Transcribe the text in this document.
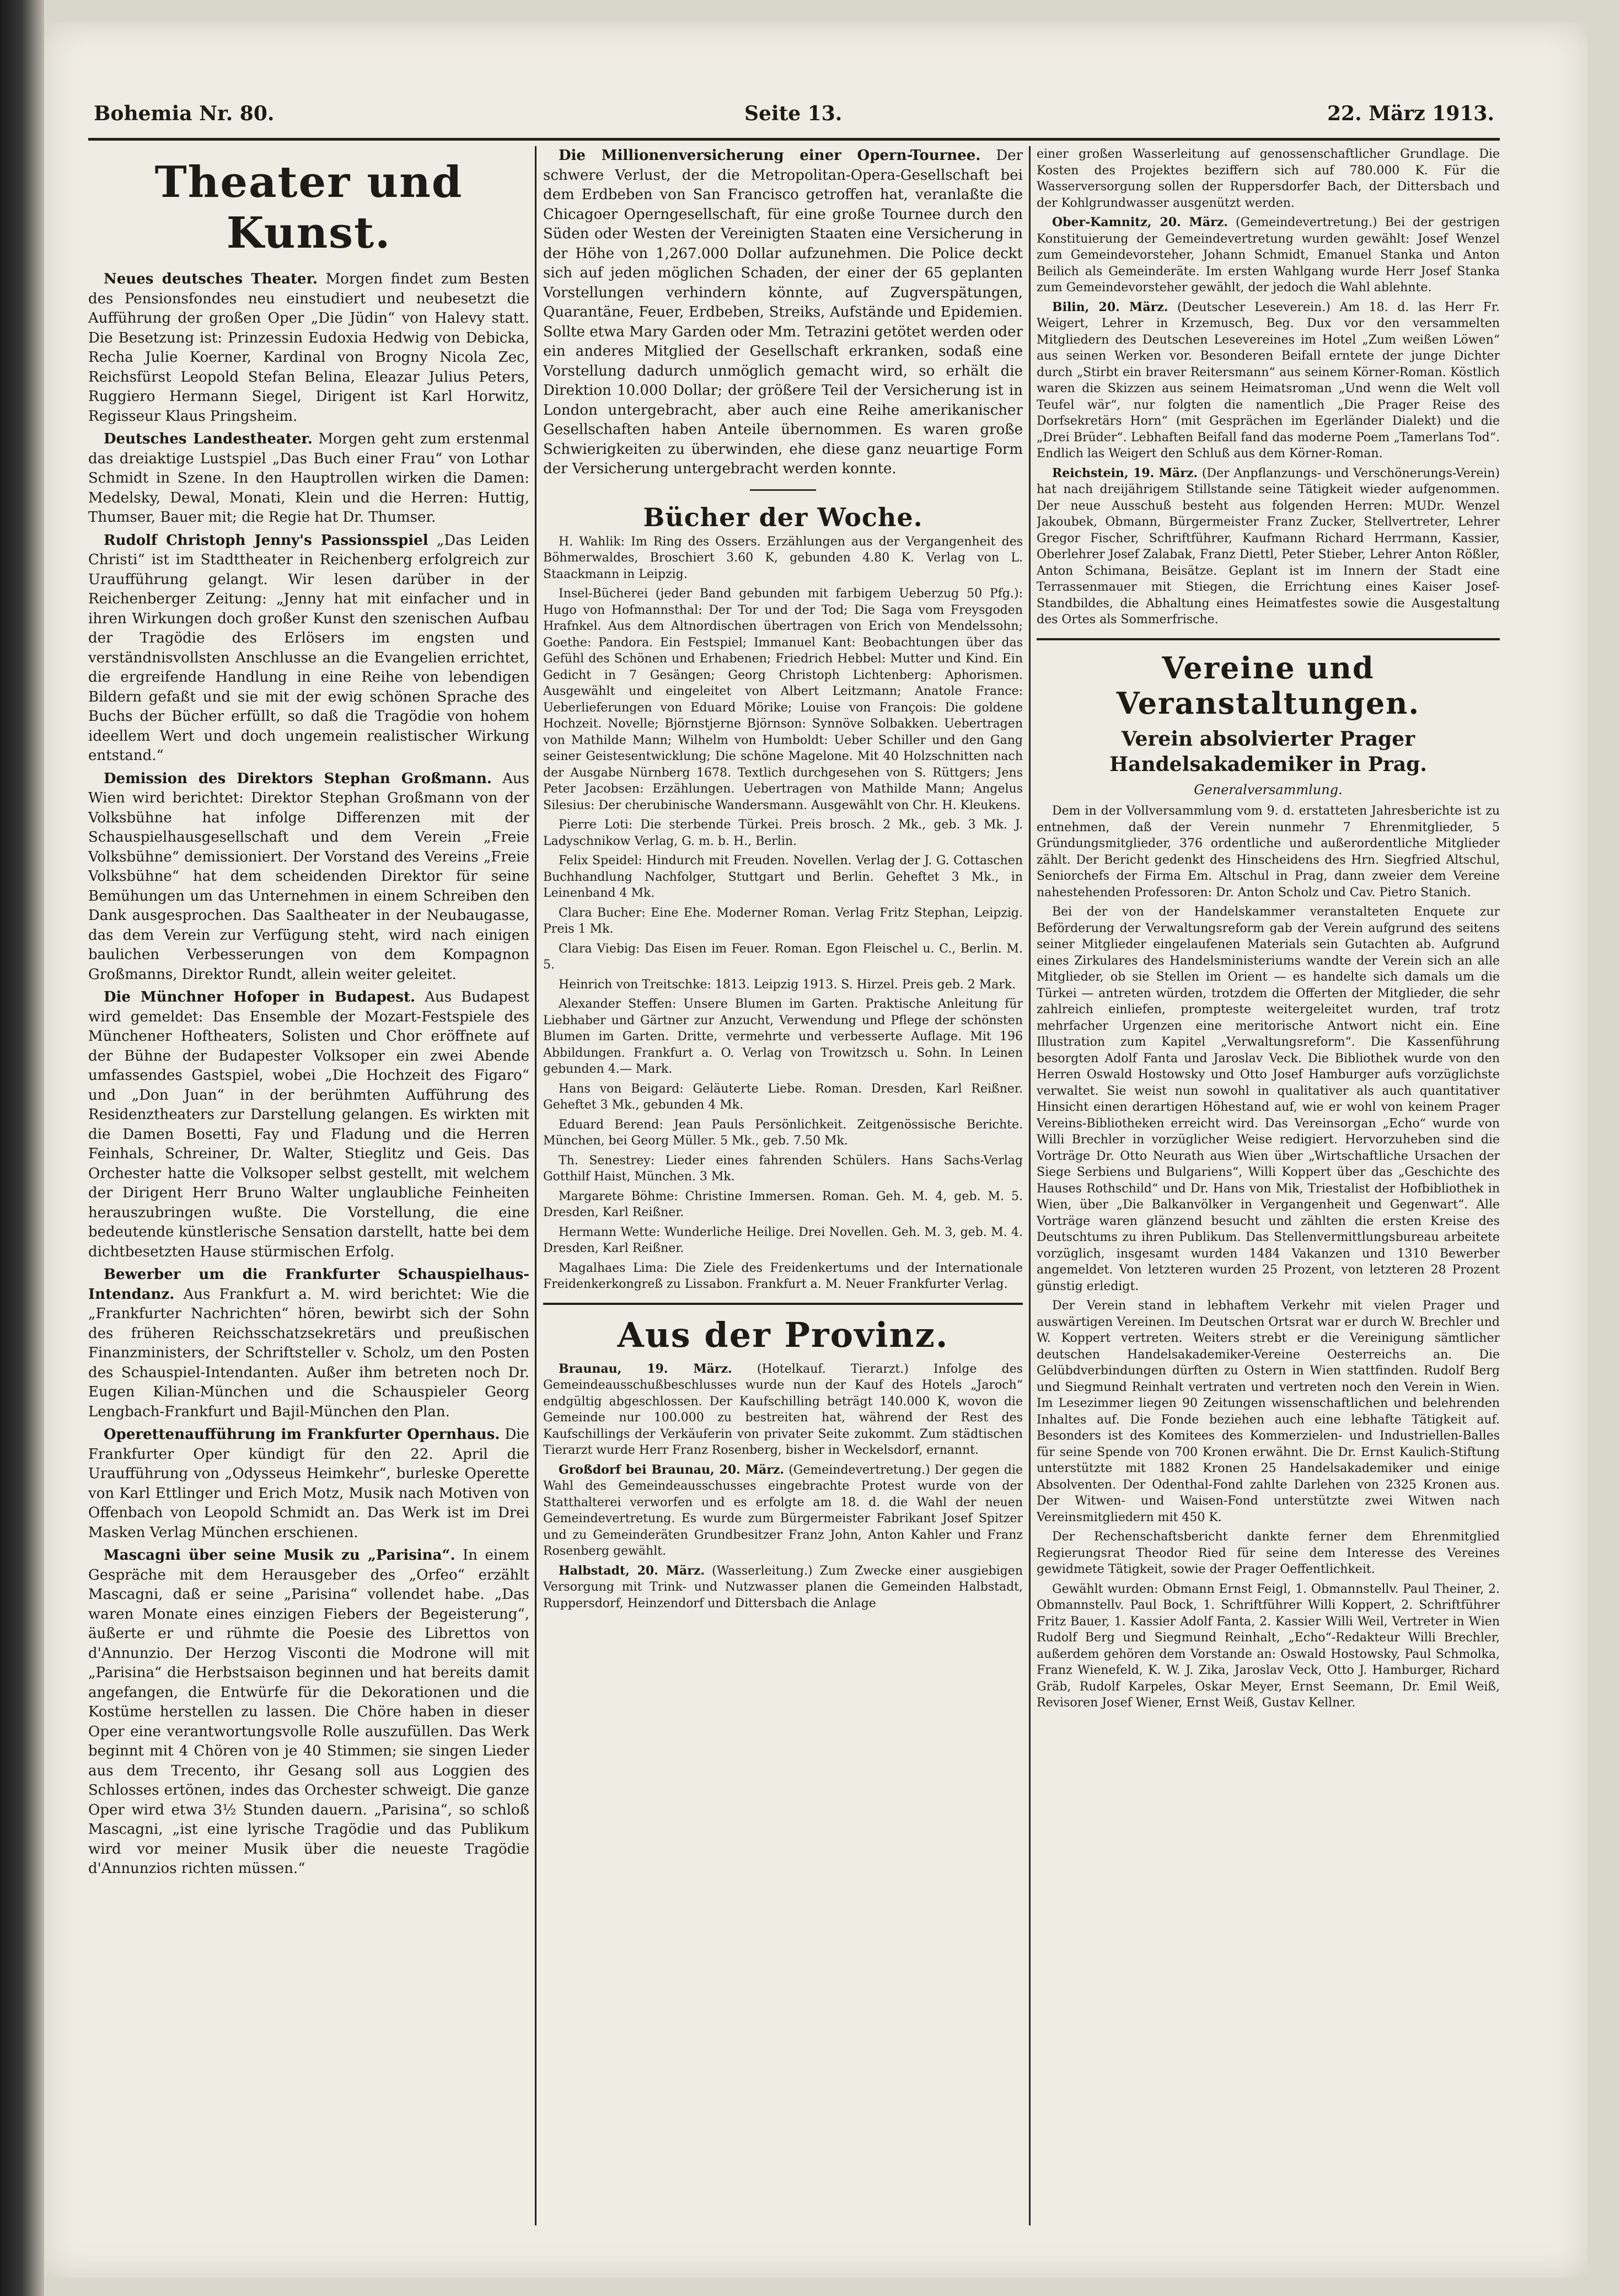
Bohemia Nr. 80.	Seite 13.	22. März 1913.
Theater und Kunst.
Neues deutsches Theater. Morgen findet zum Besten des Pensionsfondes neu einstudiert und neubesetzt die Aufführung der großen Oper „Die Jüdin“ von Halevy statt. Die Besetzung ist: Prinzessin Eudoxia Hedwig von Debicka, Recha Julie Koerner, Kardinal von Brogny Nicola Zec, Reichsfürst Leopold Stefan Belina, Eleazar Julius Peters, Ruggiero Hermann Siegel, Dirigent ist Karl Horwitz, Regisseur Klaus Pringsheim.
Deutsches Landestheater. Morgen geht zum erstenmal das dreiaktige Lustspiel „Das Buch einer Frau“ von Lothar Schmidt in Szene. In den Hauptrollen wirken die Damen: Medelsky, Dewal, Monati, Klein und die Herren: Huttig, Thumser, Bauer mit; die Regie hat Dr. Thumser.
Rudolf Christoph Jenny's Passionsspiel „Das Leiden Christi“ ist im Stadttheater in Reichenberg erfolgreich zur Uraufführung gelangt. Wir lesen darüber in der Reichenberger Zeitung: „Jenny hat mit einfacher und in ihren Wirkungen doch großer Kunst den szenischen Aufbau der Tragödie des Erlösers im engsten und verständnisvollsten Anschlusse an die Evangelien errichtet, die ergreifende Handlung in eine Reihe von lebendigen Bildern gefaßt und sie mit der ewig schönen Sprache des Buchs der Bücher erfüllt, so daß die Tragödie von hohem ideellem Wert und doch ungemein realistischer Wirkung entstand.“
Demission des Direktors Stephan Großmann. Aus Wien wird berichtet: Direktor Stephan Großmann von der Volksbühne hat infolge Differenzen mit der Schauspielhausgesellschaft und dem Verein „Freie Volksbühne“ demissioniert. Der Vorstand des Vereins „Freie Volksbühne“ hat dem scheidenden Direktor für seine Bemühungen um das Unternehmen in einem Schreiben den Dank ausgesprochen. Das Saaltheater in der Neubaugasse, das dem Verein zur Verfügung steht, wird nach einigen baulichen Verbesserungen von dem Kompagnon Großmanns, Direktor Rundt, allein weiter geleitet.
Die Münchner Hofoper in Budapest. Aus Budapest wird gemeldet: Das Ensemble der Mozart-Festspiele des Münchener Hoftheaters, Solisten und Chor eröffnete auf der Bühne der Budapester Volksoper ein zwei Abende umfassendes Gastspiel, wobei „Die Hochzeit des Figaro“ und „Don Juan“ in der berühmten Aufführung des Residenztheaters zur Darstellung gelangen. Es wirkten mit die Damen Bosetti, Fay und Fladung und die Herren Feinhals, Schreiner, Dr. Walter, Stieglitz und Geis. Das Orchester hatte die Volksoper selbst gestellt, mit welchem der Dirigent Herr Bruno Walter unglaubliche Feinheiten herauszubringen wußte. Die Vorstellung, die eine bedeutende künstlerische Sensation darstellt, hatte bei dem dichtbesetzten Hause stürmischen Erfolg.
Bewerber um die Frankfurter Schauspielhaus-Intendanz. Aus Frankfurt a. M. wird berichtet: Wie die „Frankfurter Nachrichten“ hören, bewirbt sich der Sohn des früheren Reichsschatzsekretärs und preußischen Finanzministers, der Schriftsteller v. Scholz, um den Posten des Schauspiel-Intendanten. Außer ihm betreten noch Dr. Eugen Kilian-München und die Schauspieler Georg Lengbach-Frankfurt und Bajil-München den Plan.
Operettenaufführung im Frankfurter Opernhaus. Die Frankfurter Oper kündigt für den 22. April die Uraufführung von „Odysseus Heimkehr“, burleske Operette von Karl Ettlinger und Erich Motz, Musik nach Motiven von Offenbach von Leopold Schmidt an. Das Werk ist im Drei Masken Verlag München erschienen.
Mascagni über seine Musik zu „Parisina“. In einem Gespräche mit dem Herausgeber des „Orfeo“ erzählt Mascagni, daß er seine „Parisina“ vollendet habe. „Das waren Monate eines einzigen Fiebers der Begeisterung“, äußerte er und rühmte die Poesie des Librettos von d'Annunzio. Der Herzog Visconti die Modrone will mit „Parisina“ die Herbstsaison beginnen und hat bereits damit angefangen, die Entwürfe für die Dekorationen und die Kostüme herstellen zu lassen. Die Chöre haben in dieser Oper eine verantwortungsvolle Rolle auszufüllen. Das Werk beginnt mit 4 Chören von je 40 Stimmen; sie singen Lieder aus dem Trecento, ihr Gesang soll aus Loggien des Schlosses ertönen, indes das Orchester schweigt. Die ganze Oper wird etwa 3½ Stunden dauern. „Parisina“, so schloß Mascagni, „ist eine lyrische Tragödie und das Publikum wird vor meiner Musik über die neueste Tragödie d'Annunzios richten müssen.“
Die Millionenversicherung einer Opern-Tournee. Der schwere Verlust, der die Metropolitan-Opera-Gesellschaft bei dem Erdbeben von San Francisco getroffen hat, veranlaßte die Chicagoer Operngesellschaft, für eine große Tournee durch den Süden oder Westen der Vereinigten Staaten eine Versicherung in der Höhe von 1,267.000 Dollar aufzunehmen. Die Police deckt sich auf jeden möglichen Schaden, der einer der 65 geplanten Vorstellungen verhindern könnte, auf Zugverspätungen, Quarantäne, Feuer, Erdbeben, Streiks, Aufstände und Epidemien. Sollte etwa Mary Garden oder Mm. Tetrazini getötet werden oder ein anderes Mitglied der Gesellschaft erkranken, sodaß eine Vorstellung dadurch unmöglich gemacht wird, so erhält die Direktion 10.000 Dollar; der größere Teil der Versicherung ist in London untergebracht, aber auch eine Reihe amerikanischer Gesellschaften haben Anteile übernommen. Es waren große Schwierigkeiten zu überwinden, ehe diese ganz neuartige Form der Versicherung untergebracht werden konnte.
Bücher der Woche.
H. Wahlik: Im Ring des Ossers. Erzählungen aus der Vergangenheit des Böhmerwaldes, Broschiert 3.60 K, gebunden 4.80 K. Verlag von L. Staackmann in Leipzig.
Insel-Bücherei (jeder Band gebunden mit farbigem Ueberzug 50 Pfg.): Hugo von Hofmannsthal: Der Tor und der Tod; Die Saga vom Freysgoden Hrafnkel. Aus dem Altnordischen übertragen von Erich von Mendelssohn; Goethe: Pandora. Ein Festspiel; Immanuel Kant: Beobachtungen über das Gefühl des Schönen und Erhabenen; Friedrich Hebbel: Mutter und Kind. Ein Gedicht in 7 Gesängen; Georg Christoph Lichtenberg: Aphorismen. Ausgewählt und eingeleitet von Albert Leitzmann; Anatole France: Ueberlieferungen von Eduard Mörike; Louise von François: Die goldene Hochzeit. Novelle; Björnstjerne Björnson: Synnöve Solbakken. Uebertragen von Mathilde Mann; Wilhelm von Humboldt: Ueber Schiller und den Gang seiner Geistesentwicklung; Die schöne Magelone. Mit 40 Holzschnitten nach der Ausgabe Nürnberg 1678. Textlich durchgesehen von S. Rüttgers; Jens Peter Jacobsen: Erzählungen. Uebertragen von Mathilde Mann; Angelus Silesius: Der cherubinische Wandersmann. Ausgewählt von Chr. H. Kleukens.
Pierre Loti: Die sterbende Türkei. Preis brosch. 2 Mk., geb. 3 Mk. J. Ladyschnikow Verlag, G. m. b. H., Berlin.
Felix Speidel: Hindurch mit Freuden. Novellen. Verlag der J. G. Cottaschen Buchhandlung Nachfolger, Stuttgart und Berlin. Geheftet 3 Mk., in Leinenband 4 Mk.
Clara Bucher: Eine Ehe. Moderner Roman. Verlag Fritz Stephan, Leipzig. Preis 1 Mk.
Clara Viebig: Das Eisen im Feuer. Roman. Egon Fleischel u. C., Berlin. M. 5.
Heinrich von Treitschke: 1813. Leipzig 1913. S. Hirzel. Preis geb. 2 Mark.
Alexander Steffen: Unsere Blumen im Garten. Praktische Anleitung für Liebhaber und Gärtner zur Anzucht, Verwendung und Pflege der schönsten Blumen im Garten. Dritte, vermehrte und verbesserte Auflage. Mit 196 Abbildungen. Frankfurt a. O. Verlag von Trowitzsch u. Sohn. In Leinen gebunden 4.— Mark.
Hans von Beigard: Geläuterte Liebe. Roman. Dresden, Karl Reißner. Geheftet 3 Mk., gebunden 4 Mk.
Eduard Berend: Jean Pauls Persönlichkeit. Zeitgenössische Berichte. München, bei Georg Müller. 5 Mk., geb. 7.50 Mk.
Th. Senestrey: Lieder eines fahrenden Schülers. Hans Sachs-Verlag Gotthilf Haist, München. 3 Mk.
Margarete Böhme: Christine Immersen. Roman. Geh. M. 4, geb. M. 5. Dresden, Karl Reißner.
Hermann Wette: Wunderliche Heilige. Drei Novellen. Geh. M. 3, geb. M. 4. Dresden, Karl Reißner.
Magalhaes Lima: Die Ziele des Freidenkertums und der Internationale Freidenkerkongreß zu Lissabon. Frankfurt a. M. Neuer Frankfurter Verlag.
Aus der Provinz.
Braunau, 19. März. (Hotelkauf. Tierarzt.) Infolge des Gemeindeausschußbeschlusses wurde nun der Kauf des Hotels „Jaroch“ endgültig abgeschlossen. Der Kaufschilling beträgt 140.000 K, wovon die Gemeinde nur 100.000 zu bestreiten hat, während der Rest des Kaufschillings der Verkäuferin von privater Seite zukommt. Zum städtischen Tierarzt wurde Herr Franz Rosenberg, bisher in Weckelsdorf, ernannt.
Großdorf bei Braunau, 20. März. (Gemeindevertretung.) Der gegen die Wahl des Gemeindeausschusses eingebrachte Protest wurde von der Statthalterei verworfen und es erfolgte am 18. d. die Wahl der neuen Gemeindevertretung. Es wurde zum Bürgermeister Fabrikant Josef Spitzer und zu Gemeinderäten Grundbesitzer Franz John, Anton Kahler und Franz Rosenberg gewählt.
Halbstadt, 20. März. (Wasserleitung.) Zum Zwecke einer ausgiebigen Versorgung mit Trink- und Nutzwasser planen die Gemeinden Halbstadt, Ruppersdorf, Heinzendorf und Dittersbach die Anlage
einer großen Wasserleitung auf genossenschaftlicher Grundlage. Die Kosten des Projektes beziffern sich auf 780.000 K. Für die Wasserversorgung sollen der Ruppersdorfer Bach, der Dittersbach und der Kohlgrundwasser ausgenützt werden.
Ober-Kamnitz, 20. März. (Gemeindevertretung.) Bei der gestrigen Konstituierung der Gemeindevertretung wurden gewählt: Josef Wenzel zum Gemeindevorsteher, Johann Schmidt, Emanuel Stanka und Anton Beilich als Gemeinderäte. Im ersten Wahlgang wurde Herr Josef Stanka zum Gemeindevorsteher gewählt, der jedoch die Wahl ablehnte.
Bilin, 20. März. (Deutscher Leseverein.) Am 18. d. las Herr Fr. Weigert, Lehrer in Krzemusch, Beg. Dux vor den versammelten Mitgliedern des Deutschen Lesevereines im Hotel „Zum weißen Löwen“ aus seinen Werken vor. Besonderen Beifall erntete der junge Dichter durch „Stirbt ein braver Reitersmann“ aus seinem Körner-Roman. Köstlich waren die Skizzen aus seinem Heimatsroman „Und wenn die Welt voll Teufel wär“, nur folgten die namentlich „Die Prager Reise des Dorfsekretärs Horn“ (mit Gesprächen im Egerländer Dialekt) und die „Drei Brüder“. Lebhaften Beifall fand das moderne Poem „Tamerlans Tod“. Endlich las Weigert den Schluß aus dem Körner-Roman.
Reichstein, 19. März. (Der Anpflanzungs- und Verschönerungs-Verein) hat nach dreijährigem Stillstande seine Tätigkeit wieder aufgenommen. Der neue Ausschuß besteht aus folgenden Herren: MUDr. Wenzel Jakoubek, Obmann, Bürgermeister Franz Zucker, Stellvertreter, Lehrer Gregor Fischer, Schriftführer, Kaufmann Richard Herrmann, Kassier, Oberlehrer Josef Zalabak, Franz Diettl, Peter Stieber, Lehrer Anton Rößler, Anton Schimana, Beisätze. Geplant ist im Innern der Stadt eine Terrassenmauer mit Stiegen, die Errichtung eines Kaiser Josef-Standbildes, die Abhaltung eines Heimatfestes sowie die Ausgestaltung des Ortes als Sommerfrische.
Vereine und Veranstaltungen.
Verein absolvierter Prager Handelsakademiker in Prag.
Generalversammlung.
Dem in der Vollversammlung vom 9. d. erstatteten Jahresberichte ist zu entnehmen, daß der Verein nunmehr 7 Ehrenmitglieder, 5 Gründungsmitglieder, 376 ordentliche und außerordentliche Mitglieder zählt. Der Bericht gedenkt des Hinscheidens des Hrn. Siegfried Altschul, Seniorchefs der Firma Em. Altschul in Prag, dann zweier dem Vereine nahestehenden Professoren: Dr. Anton Scholz und Cav. Pietro Stanich.
Bei der von der Handelskammer veranstalteten Enquete zur Beförderung der Verwaltungsreform gab der Verein aufgrund des seitens seiner Mitglieder eingelaufenen Materials sein Gutachten ab. Aufgrund eines Zirkulares des Handelsministeriums wandte der Verein sich an alle Mitglieder, ob sie Stellen im Orient — es handelte sich damals um die Türkei — antreten würden, trotzdem die Offerten der Mitglieder, die sehr zahlreich einliefen, prompteste weitergeleitet wurden, traf trotz mehrfacher Urgenzen eine meritorische Antwort nicht ein. Eine Illustration zum Kapitel „Verwaltungsreform“. Die Kassenführung besorgten Adolf Fanta und Jaroslav Veck. Die Bibliothek wurde von den Herren Oswald Hostowsky und Otto Josef Hamburger aufs vorzüglichste verwaltet. Sie weist nun sowohl in qualitativer als auch quantitativer Hinsicht einen derartigen Höhestand auf, wie er wohl von keinem Prager Vereins-Bibliotheken erreicht wird. Das Vereinsorgan „Echo“ wurde von Willi Brechler in vorzüglicher Weise redigiert. Hervorzuheben sind die Vorträge Dr. Otto Neurath aus Wien über „Wirtschaftliche Ursachen der Siege Serbiens und Bulgariens“, Willi Koppert über das „Geschichte des Hauses Rothschild“ und Dr. Hans von Mik, Triestalist der Hofbibliothek in Wien, über „Die Balkanvölker in Vergangenheit und Gegenwart“. Alle Vorträge waren glänzend besucht und zählten die ersten Kreise des Deutschtums zu ihren Publikum. Das Stellenvermittlungsbureau arbeitete vorzüglich, insgesamt wurden 1484 Vakanzen und 1310 Bewerber angemeldet. Von letzteren wurden 25 Prozent, von letzteren 28 Prozent günstig erledigt.
Der Verein stand in lebhaftem Verkehr mit vielen Prager und auswärtigen Vereinen. Im Deutschen Ortsrat war er durch W. Brechler und W. Koppert vertreten. Weiters strebt er die Vereinigung sämtlicher deutschen Handelsakademiker-Vereine Oesterreichs an. Die Gelübdverbindungen dürften zu Ostern in Wien stattfinden. Rudolf Berg und Siegmund Reinhalt vertraten und vertreten noch den Verein in Wien. Im Lesezimmer liegen 90 Zeitungen wissenschaftlichen und belehrenden Inhaltes auf. Die Fonde beziehen auch eine lebhafte Tätigkeit auf. Besonders ist des Komitees des Kommerzielen- und Industriellen-Balles für seine Spende von 700 Kronen erwähnt. Die Dr. Ernst Kaulich-Stiftung unterstützte mit 1882 Kronen 25 Handelsakademiker und einige Absolventen. Der Odenthal-Fond zahlte Darlehen von 2325 Kronen aus. Der Witwen- und Waisen-Fond unterstützte zwei Witwen nach Vereinsmitgliedern mit 450 K.
Der Rechenschaftsbericht dankte ferner dem Ehrenmitglied Regierungsrat Theodor Ried für seine dem Interesse des Vereines gewidmete Tätigkeit, sowie der Prager Oeffentlichkeit.
Gewählt wurden: Obmann Ernst Feigl, 1. Obmannstellv. Paul Theiner, 2. Obmannstellv. Paul Bock, 1. Schriftführer Willi Koppert, 2. Schriftführer Fritz Bauer, 1. Kassier Adolf Fanta, 2. Kassier Willi Weil, Vertreter in Wien Rudolf Berg und Siegmund Reinhalt, „Echo“-Redakteur Willi Brechler, außerdem gehören dem Vorstande an: Oswald Hostowsky, Paul Schmolka, Franz Wienefeld, K. W. J. Zika, Jaroslav Veck, Otto J. Hamburger, Richard Gräb, Rudolf Karpeles, Oskar Meyer, Ernst Seemann, Dr. Emil Weiß, Revisoren Josef Wiener, Ernst Weiß, Gustav Kellner.
